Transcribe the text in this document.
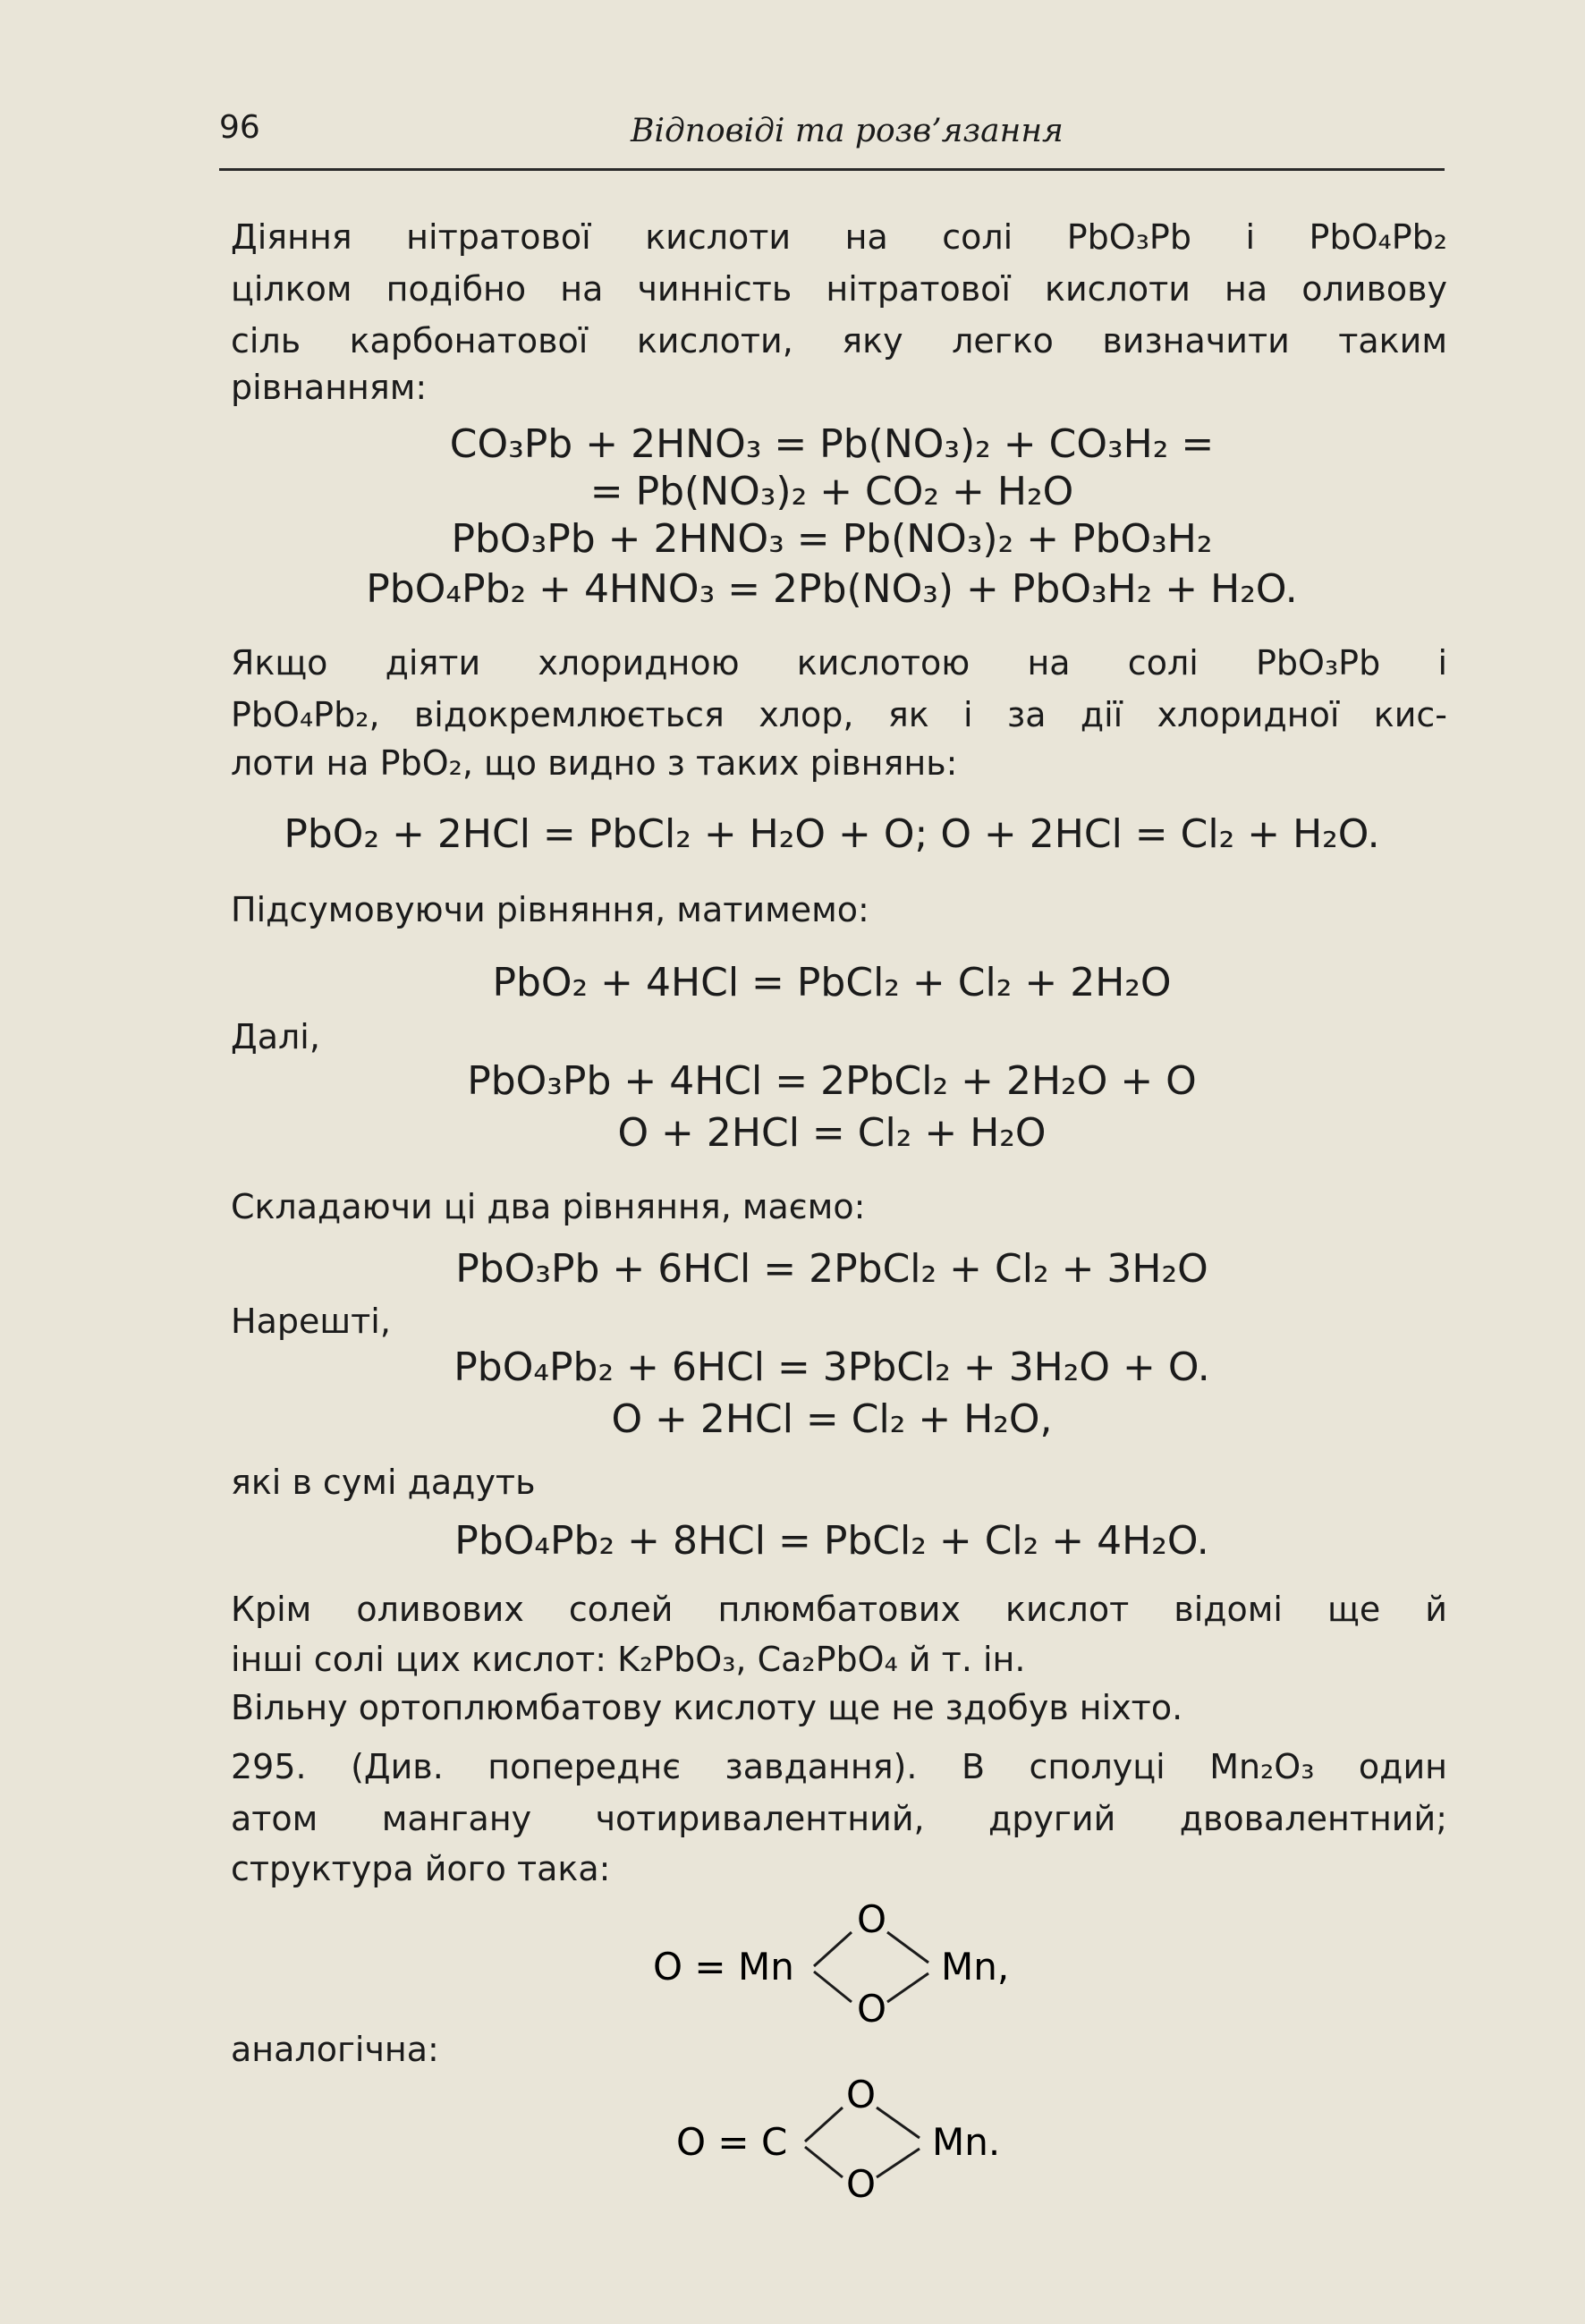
96	Відповіді та розв’язання
Діяння нітратової кислоти на солі PbO₃Pb і PbO₄Pb₂
цілком подібно на чинність нітратової кислоти на оливову
сіль карбонатової кислоти, яку легко визначити таким
рівнанням:
CO₃Pb + 2HNO₃ = Pb(NO₃)₂ + CO₃H₂ =
= Pb(NO₃)₂ + CO₂ + H₂O
PbO₃Pb + 2HNO₃ = Pb(NO₃)₂ + PbO₃H₂
PbO₄Pb₂ + 4HNO₃ = 2Pb(NO₃) + PbO₃H₂ + H₂O.
Якщо діяти хлоридною кислотою на солі PbO₃Pb і
PbO₄Pb₂, відокремлюється хлор, як і за дії хлоридної кис-
лоти на PbO₂, що видно з таких рівнянь:
PbO₂ + 2HCl = PbCl₂ + H₂O + O; O + 2HCl = Cl₂ + H₂O.
Підсумовуючи рівняння, матимемо:
PbO₂ + 4HCl = PbCl₂ + Cl₂ + 2H₂O
Далі,
PbO₃Pb + 4HCl = 2PbCl₂ + 2H₂O + O
O + 2HCl = Cl₂ + H₂O
Складаючи ці два рівняння, маємо:
PbO₃Pb + 6HCl = 2PbCl₂ + Cl₂ + 3H₂O
Нарешті,
PbO₄Pb₂ + 6HCl = 3PbCl₂ + 3H₂O + O.
O + 2HCl = Cl₂ + H₂O,
які в сумі дадуть
PbO₄Pb₂ + 8HCl = PbCl₂ + Cl₂ + 4H₂O.
Крім оливових солей плюмбатових кислот відомі ще й
інші солі цих кислот: K₂PbO₃, Ca₂PbO₄ й т. ін.
Вільну ортоплюмбатову кислоту ще не здобув ніхто.
295. (Див. попереднє завдання). В сполуці Mn₂O₃ один
атом мангану чотиривалентний, другий двовалентний;
структура його така:
O = Mn
O
O
Mn,
аналогічна:
O = C
O
O
Mn.
